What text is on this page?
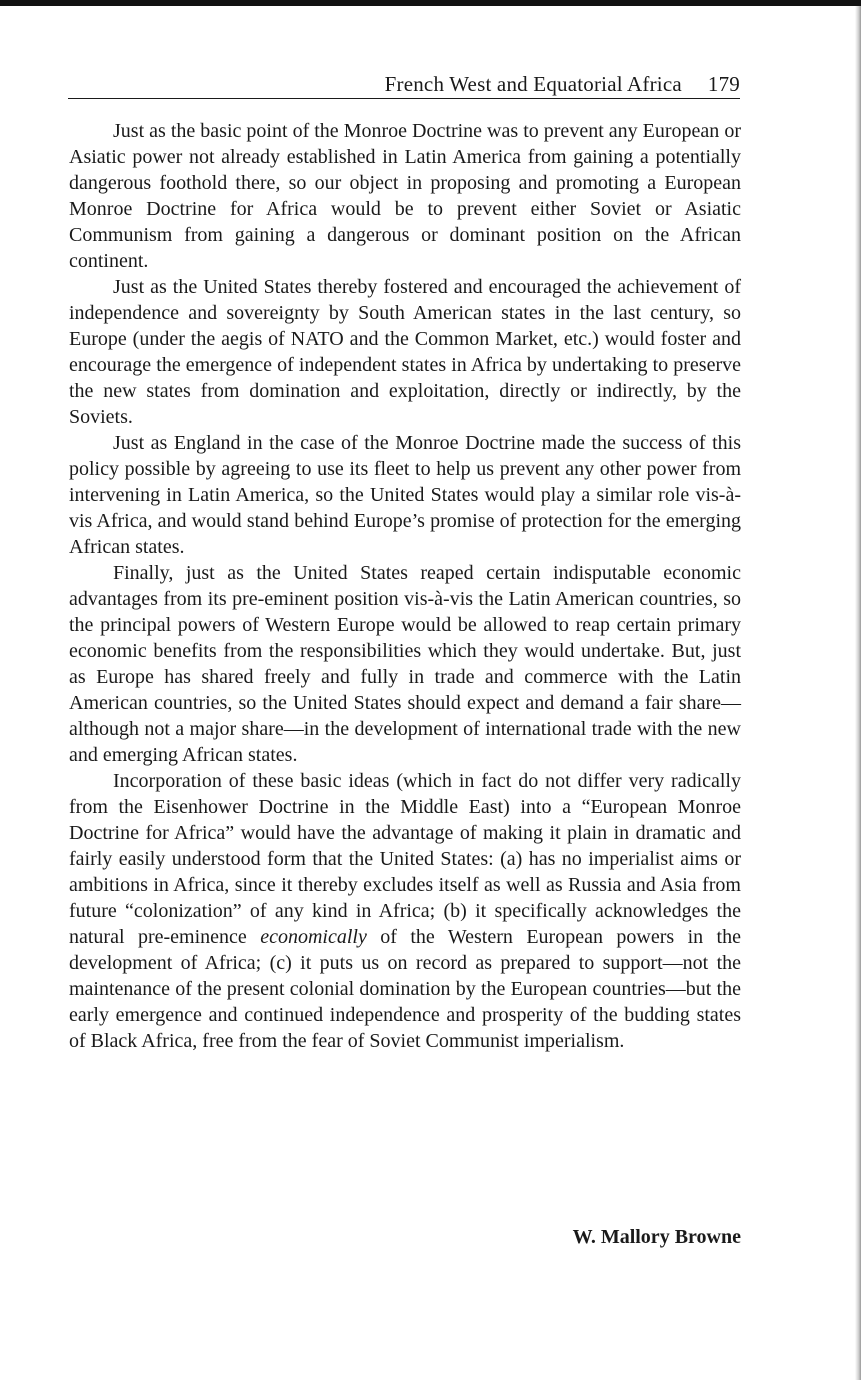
French West and Equatorial Africa 179

Just as the basic point of the Monroe Doctrine was to prevent any European or Asiatic power not already established in Latin America from gaining a potentially dangerous foothold there, so our object in proposing and promoting a European Monroe Doctrine for Africa would be to prevent either Soviet or Asiatic Communism from gaining a dangerous or dominant position on the African continent.

Just as the United States thereby fostered and encouraged the achievement of independence and sovereignty by South American states in the last century, so Europe (under the aegis of NATO and the Common Market, etc.) would foster and encourage the emergence of independent states in Africa by undertaking to preserve the new states from domination and exploitation, directly or indirectly, by the Soviets.

Just as England in the case of the Monroe Doctrine made the success of this policy possible by agreeing to use its fleet to help us prevent any other power from intervening in Latin America, so the United States would play a similar role vis-à-vis Africa, and would stand behind Europe’s promise of protection for the emerging African states.

Finally, just as the United States reaped certain indisputable economic advantages from its pre-eminent position vis-à-vis the Latin American countries, so the principal powers of Western Europe would be allowed to reap certain primary economic benefits from the responsibilities which they would undertake. But, just as Europe has shared freely and fully in trade and commerce with the Latin American countries, so the United States should expect and demand a fair share—although not a major share—in the development of international trade with the new and emerging African states.

Incorporation of these basic ideas (which in fact do not differ very radically from the Eisenhower Doctrine in the Middle East) into a “European Monroe Doctrine for Africa” would have the advantage of making it plain in dramatic and fairly easily understood form that the United States: (a) has no imperialist aims or ambitions in Africa, since it thereby excludes itself as well as Russia and Asia from future “colonization” of any kind in Africa; (b) it specifically acknowledges the natural pre-eminence economically of the Western European powers in the development of Africa; (c) it puts us on record as prepared to support—not the maintenance of the present colonial domination by the European countries—but the early emergence and continued independence and prosperity of the budding states of Black Africa, free from the fear of Soviet Communist imperialism.

W. Mallory Browne
